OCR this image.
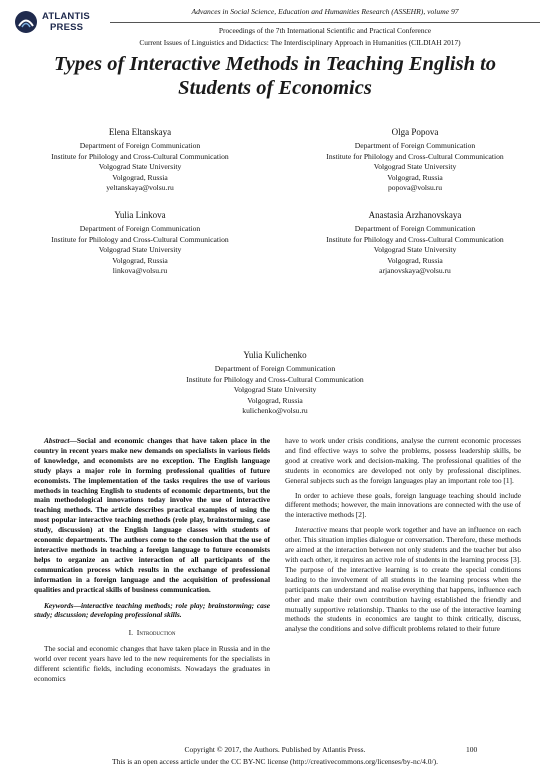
ATLANTIS
PRESS
Advances in Social Science, Education and Humanities Research (ASSEHR), volume 97
Proceedings of the 7th International Scientific and Practical Conference
Current Issues of Linguistics and Didactics: The Interdisciplinary Approach in Humanities (CILDIAH 2017)
Types of Interactive Methods in Teaching English to Students of Economics
Elena Eltanskaya
Department of Foreign Communication
Institute for Philology and Cross-Cultural Communication
Volgograd State University
Volgograd, Russia
yeltanskaya@volsu.ru
Olga Popova
Department of Foreign Communication
Institute for Philology and Cross-Cultural Communication
Volgograd State University
Volgograd, Russia
popova@volsu.ru
Yulia Linkova
Department of Foreign Communication
Institute for Philology and Cross-Cultural Communication
Volgograd State University
Volgograd, Russia
linkova@volsu.ru
Anastasia Arzhanovskaya
Department of Foreign Communication
Institute for Philology and Cross-Cultural Communication
Volgograd State University
Volgograd, Russia
arjanovskaya@volsu.ru
Yulia Kulichenko
Department of Foreign Communication
Institute for Philology and Cross-Cultural Communication
Volgograd State University
Volgograd, Russia
kulichenko@volsu.ru

Abstract—Social and economic changes that have taken place in the country in recent years make new demands on specialists in various fields of knowledge, and economists are no exception. The English language study plays a major role in forming professional qualities of future economists. The implementation of the tasks requires the use of various methods in teaching English to students of economic departments, but the main methodological innovations today involve the use of interactive teaching methods. The article describes practical examples of using the most popular interactive teaching methods (role play, brainstorming, case study, discussion) at the English language classes with students of economic departments. The authors come to the conclusion that the use of interactive methods in teaching a foreign language to future economists helps to organize an active interaction of all participants of the communication process which results in the exchange of professional information in a foreign language and the acquisition of professional qualities and practical skills of business communication.

Keywords—interactive teaching methods; role play; brainstorming; case study; discussion; developing professional skills.

I. Introduction

The social and economic changes that have taken place in Russia and in the world over recent years have led to the new requirements for the specialists in different scientific fields, including economists. Nowadays the graduates in economics

have to work under crisis conditions, analyse the current economic processes and find effective ways to solve the problems, possess leadership skills, be good at creative work and decision-making. The professional qualities of the students in economics are developed not only by professional disciplines. General subjects such as the foreign languages play an important role too [1].

In order to achieve these goals, foreign language teaching should include different methods; however, the main innovations are connected with the use of the interactive methods [2].

Interactive means that people work together and have an influence on each other. This situation implies dialogue or conversation. Therefore, these methods are aimed at the interaction between not only students and the teacher but also with each other, it requires an active role of students in the learning process [3]. The purpose of the interactive learning is to create the special conditions leading to the involvement of all students in the learning process when the participants can understand and realise everything that happens, influence each other and make their own contribution having established the friendly and mutually supportive relationship. Thanks to the use of the interactive learning methods the students in economics are taught to think critically, discuss, analyse the conditions and solve difficult problems related to their future

Copyright © 2017, the Authors. Published by Atlantis Press.	100
This is an open access article under the CC BY-NC license (http://creativecommons.org/licenses/by-nc/4.0/).
